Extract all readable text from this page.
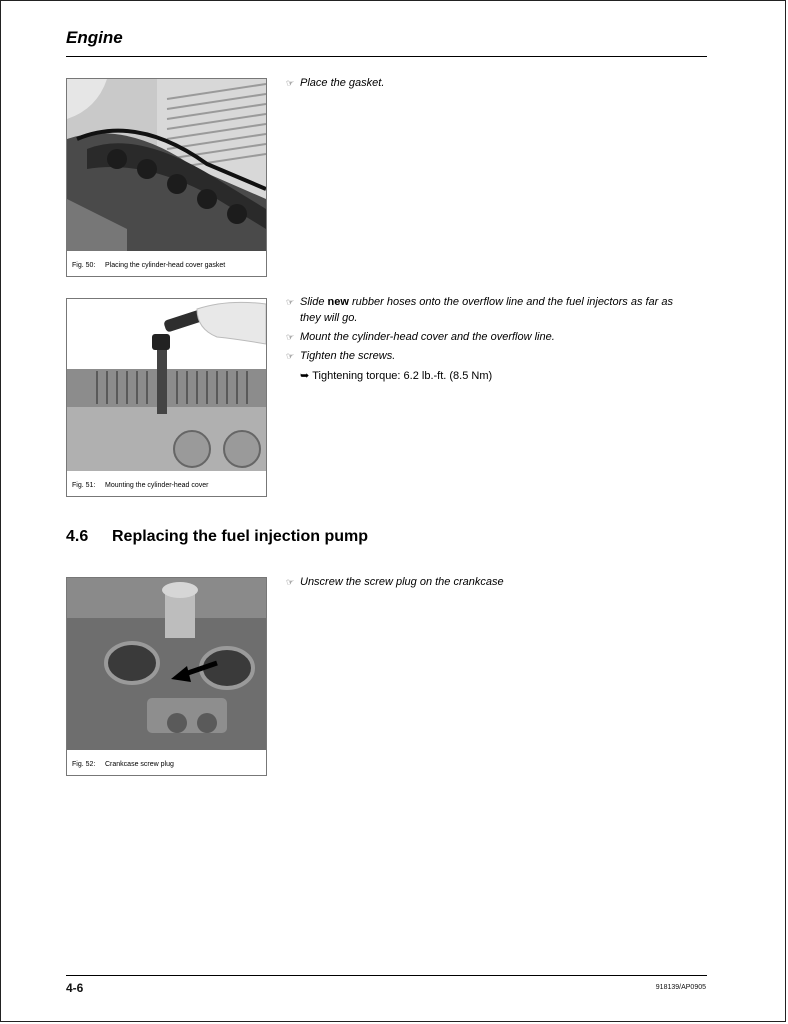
Engine
Fig. 50: Placing the cylinder-head cover gasket
Fig. 51: Mounting the cylinder-head cover
Fig. 52: Crankcase screw plug
☞ Place the gasket.
☞ Slide new rubber hoses onto the overflow line and the fuel injectors as far as
they will go.
☞ Mount the cylinder-head cover and the overflow line.
☞ Tighten the screws.
➥ Tightening torque: 6.2 lb.-ft. (8.5 Nm)
4.6 Replacing the fuel injection pump
☞ Unscrew the screw plug on the crankcase
4-6	918139/AP0905
